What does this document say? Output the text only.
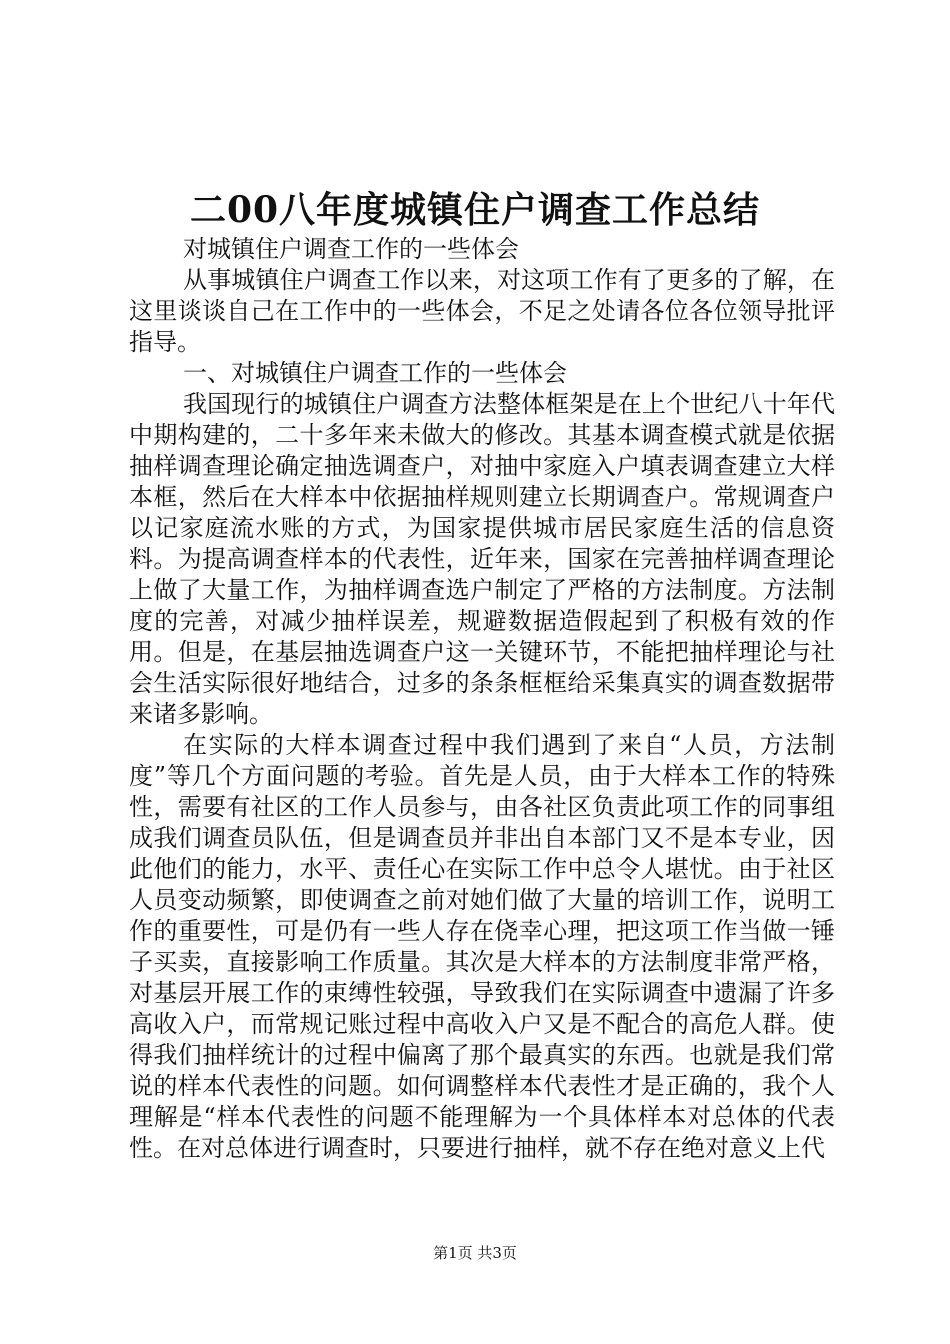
二00八年度城镇住户调查工作总结

对城镇住户调查工作的一些体会

从事城镇住户调查工作以来，对这项工作有了更多的了解，在这里谈谈自己在工作中的一些体会，不足之处请各位各位领导批评指导。

一、对城镇住户调查工作的一些体会

我国现行的城镇住户调查方法整体框架是在上个世纪八十年代中期构建的，二十多年来未做大的修改。其基本调查模式就是依据抽样调查理论确定抽选调查户，对抽中家庭入户填表调查建立大样本框，然后在大样本中依据抽样规则建立长期调查户。常规调查户以记家庭流水账的方式，为国家提供城市居民家庭生活的信息资料。为提高调查样本的代表性，近年来，国家在完善抽样调查理论上做了大量工作，为抽样调查选户制定了严格的方法制度。方法制度的完善，对减少抽样误差，规避数据造假起到了积极有效的作用。但是，在基层抽选调查户这一关键环节，不能把抽样理论与社会生活实际很好地结合，过多的条条框框给采集真实的调查数据带来诸多影响。

在实际的大样本调查过程中我们遇到了来自“人员，方法制度”等几个方面问题的考验。首先是人员，由于大样本工作的特殊性，需要有社区的工作人员参与，由各社区负责此项工作的同事组成我们调查员队伍，但是调查员并非出自本部门又不是本专业，因此他们的能力，水平、责任心在实际工作中总令人堪忧。由于社区人员变动频繁，即使调查之前对她们做了大量的培训工作，说明工作的重要性，可是仍有一些人存在侥幸心理，把这项工作当做一锤子买卖，直接影响工作质量。其次是大样本的方法制度非常严格，对基层开展工作的束缚性较强，导致我们在实际调查中遗漏了许多高收入户，而常规记账过程中高收入户又是不配合的高危人群。使得我们抽样统计的过程中偏离了那个最真实的东西。也就是我们常说的样本代表性的问题。如何调整样本代表性才是正确的，我个人理解是“样本代表性的问题不能理解为一个具体样本对总体的代表性。在对总体进行调查时，只要进行抽样，就不存在绝对意义上代

第1页 共3页
